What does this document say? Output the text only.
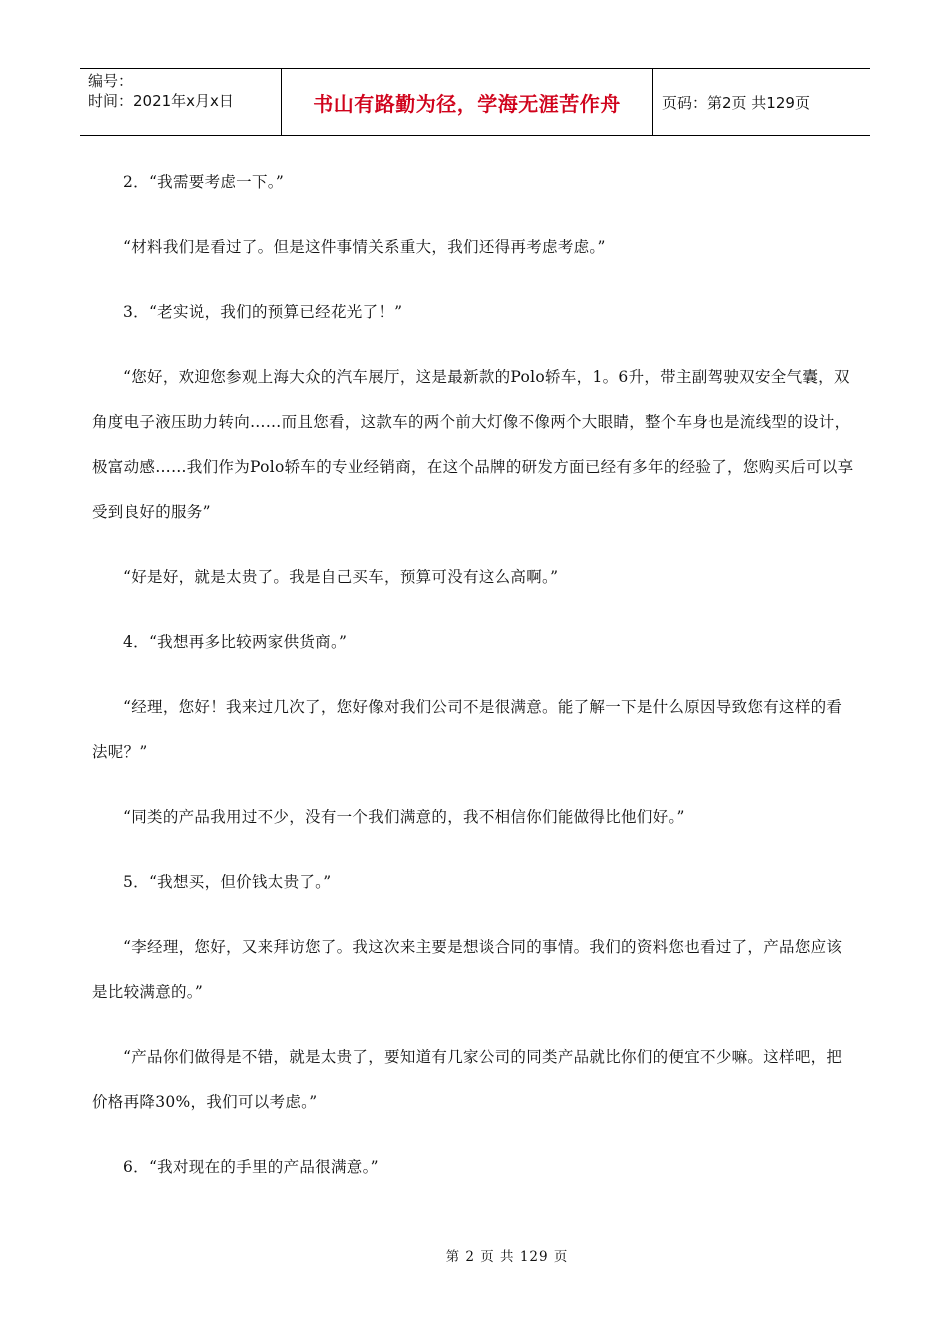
编号：
时间：2021年x月x日	书山有路勤为径，学海无涯苦作舟	页码：第2页 共129页

2．“我需要考虑一下。”

“材料我们是看过了。但是这件事情关系重大，我们还得再考虑考虑。”

3．“老实说，我们的预算已经花光了！”

“您好，欢迎您参观上海大众的汽车展厅，这是最新款的Polo轿车，1。6升，带主副驾驶双安全气囊，双角度电子液压助力转向……而且您看，这款车的两个前大灯像不像两个大眼睛，整个车身也是流线型的设计，极富动感……我们作为Polo轿车的专业经销商，在这个品牌的研发方面已经有多年的经验了，您购买后可以享受到良好的服务”

“好是好，就是太贵了。我是自己买车，预算可没有这么高啊。”

4．“我想再多比较两家供货商。”

“经理，您好！我来过几次了，您好像对我们公司不是很满意。能了解一下是什么原因导致您有这样的看法呢？”

“同类的产品我用过不少，没有一个我们满意的，我不相信你们能做得比他们好。”

5．“我想买，但价钱太贵了。”

“李经理，您好，又来拜访您了。我这次来主要是想谈合同的事情。我们的资料您也看过了，产品您应该是比较满意的。”

“产品你们做得是不错，就是太贵了，要知道有几家公司的同类产品就比你们的便宜不少嘛。这样吧，把价格再降30%，我们可以考虑。”

6．“我对现在的手里的产品很满意。”

第 2 页 共 129 页
